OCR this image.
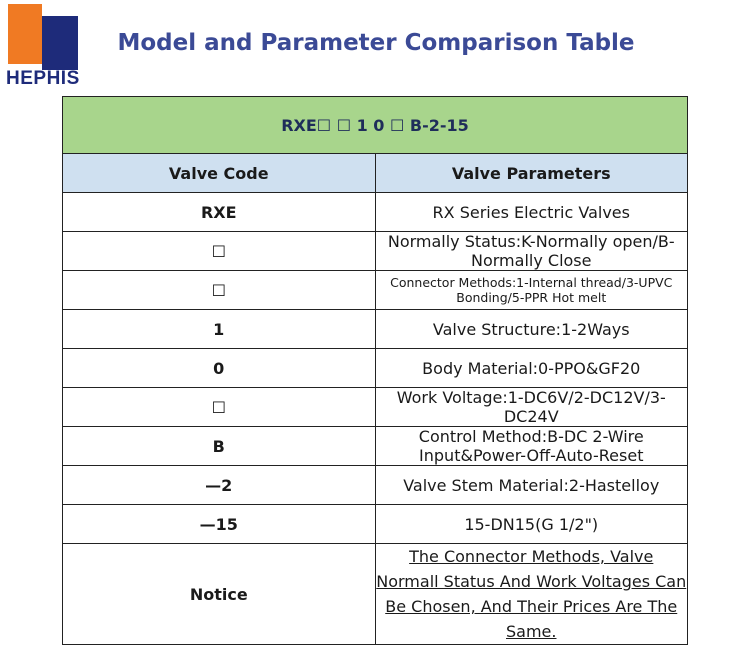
HEPHIS
Model and Parameter Comparison Table
RXE☐ ☐ 1 0 ☐ B-2-15	
Valve Code	Valve Parameters
RXE	RX Series Electric Valves
☐	Normally Status:K-Normally open/B-Normally Close
☐	Connector Methods:1-Internal thread/3-UPVC Bonding/5-PPR Hot melt
1	Valve Structure:1-2Ways
0	Body Material:0-PPO&GF20
☐	Work Voltage:1-DC6V/2-DC12V/3-DC24V
B	Control Method:B-DC 2-Wire Input&Power-Off-Auto-Reset
—2	Valve Stem Material:2-Hastelloy
—15	15-DN15(G 1/2")
Notice	The Connector Methods, Valve Normall Status And Work Voltages Can Be Chosen, And Their Prices Are The Same.
